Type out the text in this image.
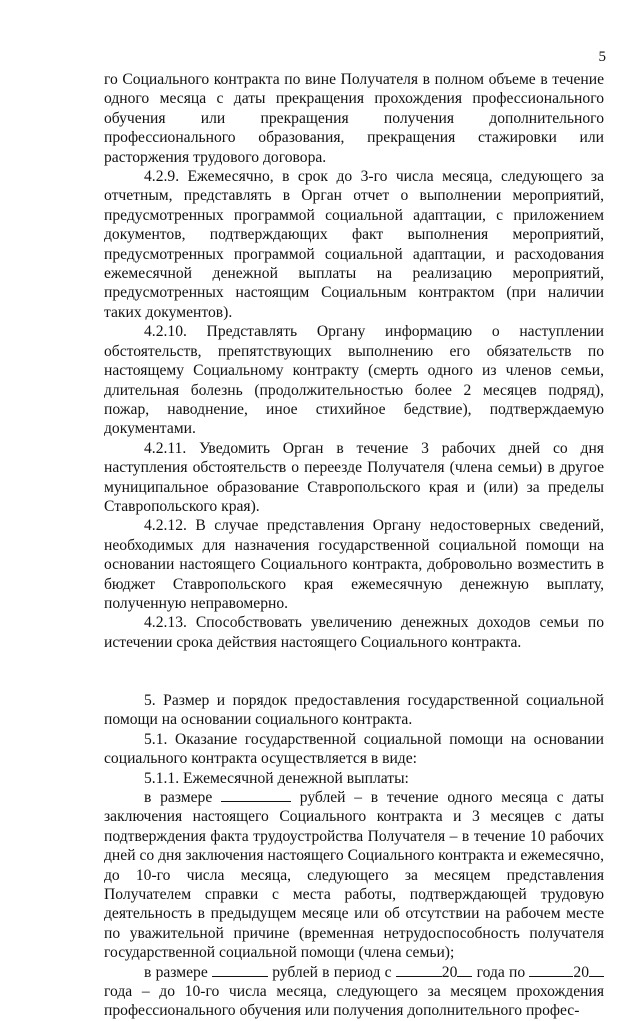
5

го Социального контракта по вине Получателя в полном объеме в течение одного месяца с даты прекращения прохождения профессионального обучения или прекращения получения дополнительного профессионального образования, прекращения стажировки или расторжения трудового договора.

4.2.9. Ежемесячно, в срок до 3-го числа месяца, следующего за отчетным, представлять в Орган отчет о выполнении мероприятий, предусмотренных программой социальной адаптации, с приложением документов, подтверждающих факт выполнения мероприятий, предусмотренных программой социальной адаптации, и расходования ежемесячной денежной выплаты на реализацию мероприятий, предусмотренных настоящим Социальным контрактом (при наличии таких документов).

4.2.10. Представлять Органу информацию о наступлении обстоятельств, препятствующих выполнению его обязательств по настоящему Социальному контракту (смерть одного из членов семьи, длительная болезнь (продолжительностью более 2 месяцев подряд), пожар, наводнение, иное стихийное бедствие), подтверждаемую документами.

4.2.11. Уведомить Орган в течение 3 рабочих дней со дня наступления обстоятельств о переезде Получателя (члена семьи) в другое муниципальное образование Ставропольского края и (или) за пределы Ставропольского края).

4.2.12. В случае представления Органу недостоверных сведений, необходимых для назначения государственной социальной помощи на основании настоящего Социального контракта, добровольно возместить в бюджет Ставропольского края ежемесячную денежную выплату, полученную неправомерно.

4.2.13. Способствовать увеличению денежных доходов семьи по истечении срока действия настоящего Социального контракта.

5. Размер и порядок предоставления государственной социальной помощи на основании социального контракта.

5.1. Оказание государственной социальной помощи на основании социального контракта осуществляется в виде:

5.1.1. Ежемесячной денежной выплаты:

в размере	рублей – в течение одного месяца с даты заключения настоящего Социального контракта и 3 месяцев с даты подтверждения факта трудоустройства Получателя – в течение 10 рабочих дней со дня заключения настоящего Социального контракта и ежемесячно, до 10-го числа месяца, следующего за месяцем представления Получателем справки с места работы, подтверждающей трудовую деятельность в предыдущем месяце или об отсутствии на рабочем месте по уважительной причине (временная нетрудоспособность получателя государственной социальной помощи (члена семьи);

в размере	рублей в период с	20 года по	20 года – до 10-го числа месяца, следующего за месяцем прохождения профессионального обучения или получения дополнительного профес-
